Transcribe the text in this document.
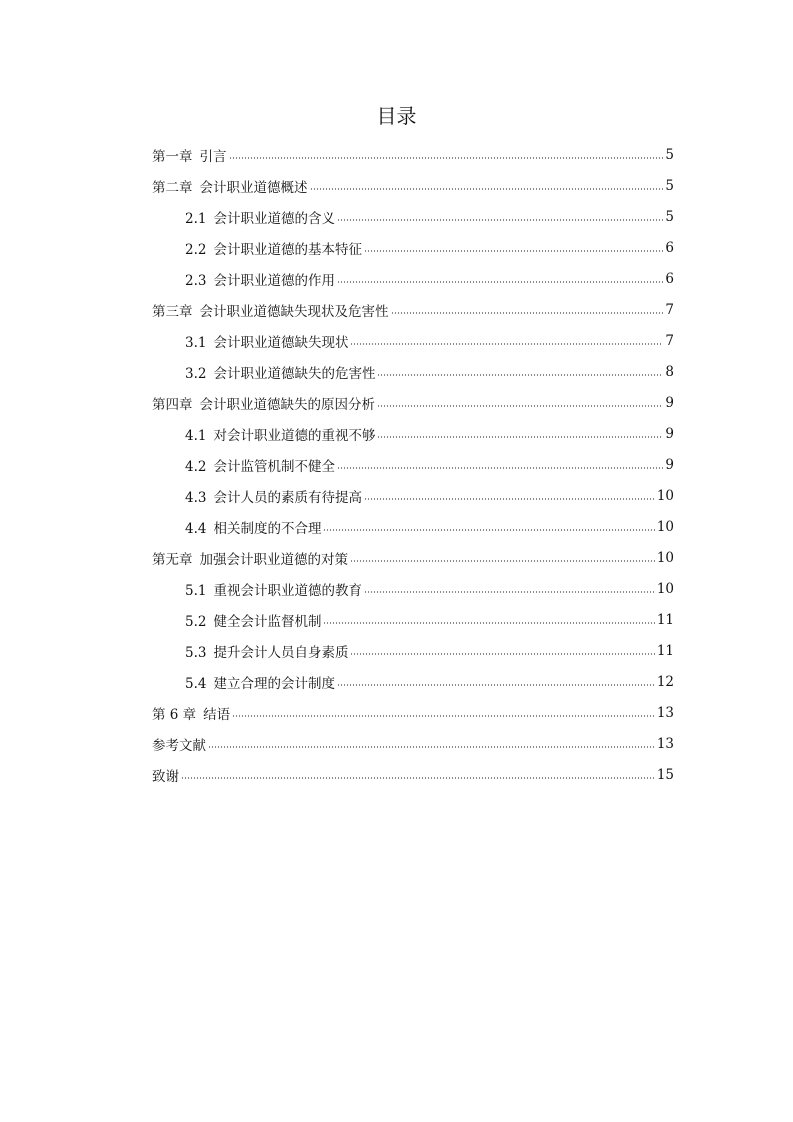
目录
第一章 引言	5
第二章 会计职业道德概述	5
2.1 会计职业道德的含义	5
2.2 会计职业道德的基本特征	6
2.3 会计职业道德的作用	6
第三章 会计职业道德缺失现状及危害性	7
3.1 会计职业道德缺失现状	7
3.2 会计职业道德缺失的危害性	8
第四章 会计职业道德缺失的原因分析	9
4.1 对会计职业道德的重视不够	9
4.2 会计监管机制不健全	9
4.3 会计人员的素质有待提高	10
4.4 相关制度的不合理	10
第无章 加强会计职业道德的对策	10
5.1 重视会计职业道德的教育	10
5.2 健全会计监督机制	11
5.3 提升会计人员自身素质	11
5.4 建立合理的会计制度	12
第 6 章 结语	13
参考文献	13
致谢	15
